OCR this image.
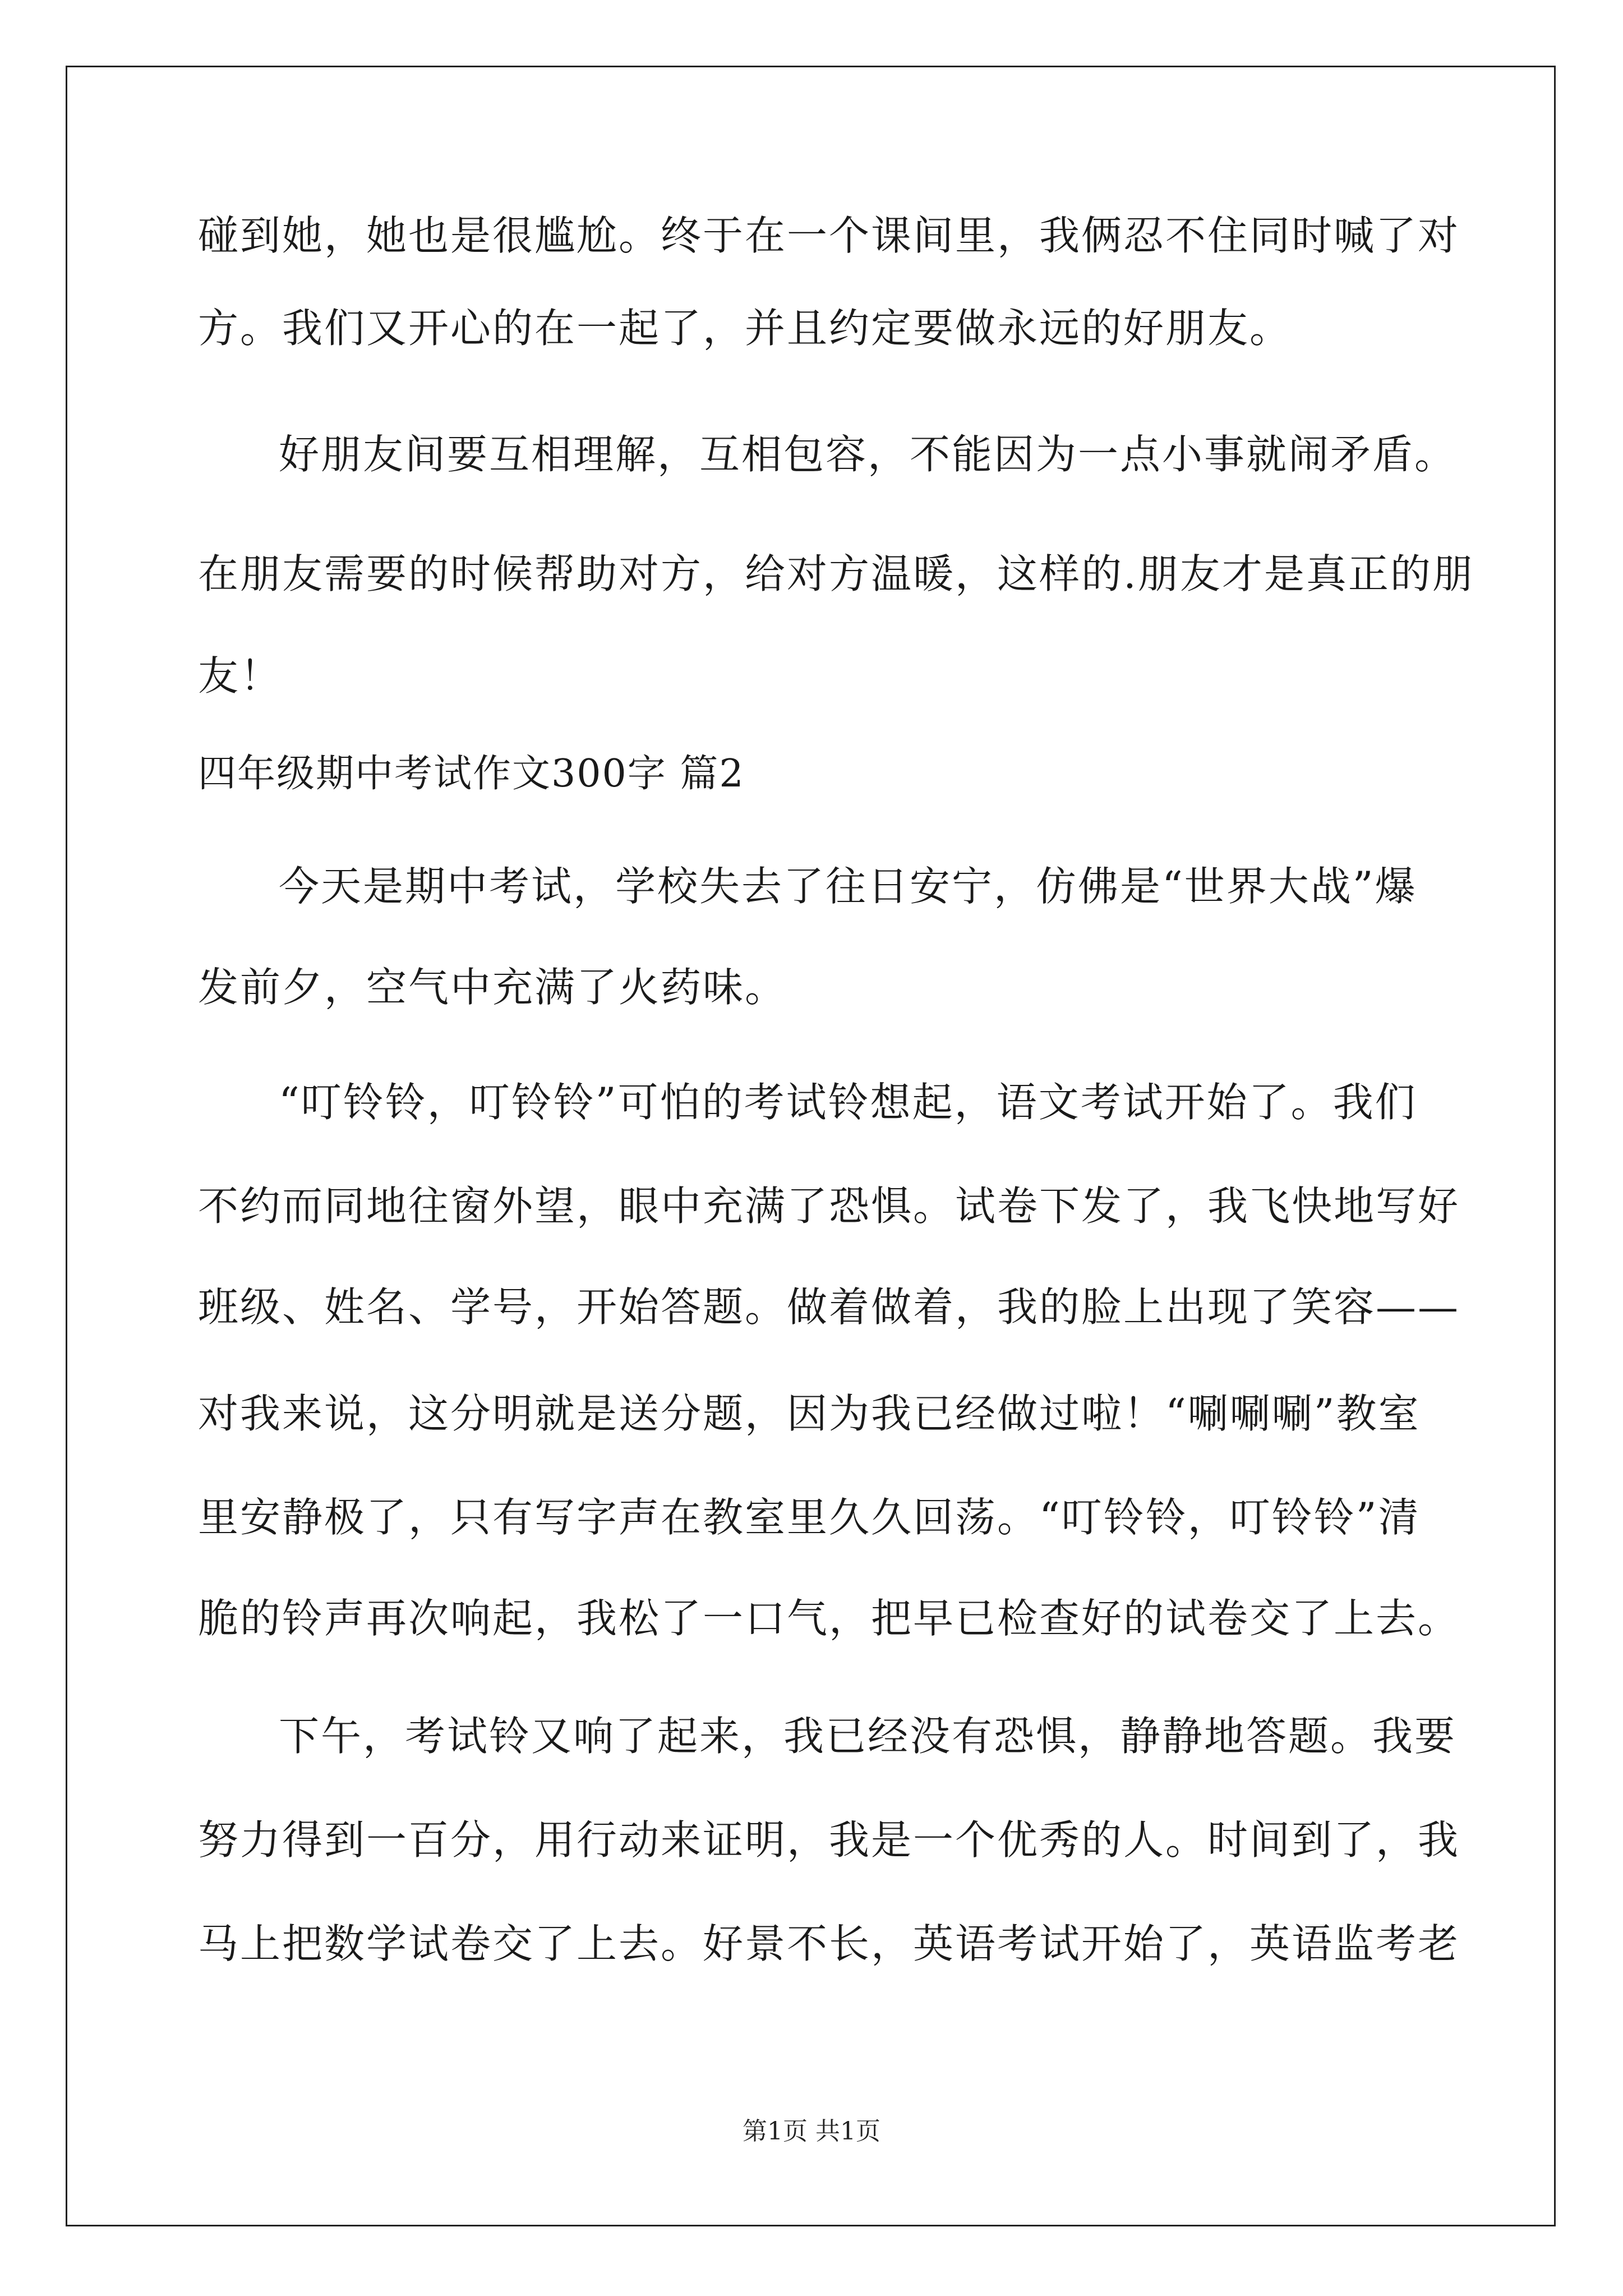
碰到她，她也是很尴尬。终于在一个课间里，我俩忍不住同时喊了对
方。我们又开心的在一起了，并且约定要做永远的好朋友。
好朋友间要互相理解，互相包容，不能因为一点小事就闹矛盾。
在朋友需要的时候帮助对方，给对方温暖，这样的.朋友才是真正的朋
友！
四年级期中考试作文300字 篇2
今天是期中考试，学校失去了往日安宁，仿佛是“世界大战”爆
发前夕，空气中充满了火药味。
“叮铃铃，叮铃铃”可怕的考试铃想起，语文考试开始了。我们
不约而同地往窗外望，眼中充满了恐惧。试卷下发了，我飞快地写好
班级、姓名、学号，开始答题。做着做着，我的脸上出现了笑容——
对我来说，这分明就是送分题，因为我已经做过啦！“唰唰唰”教室
里安静极了，只有写字声在教室里久久回荡。“叮铃铃，叮铃铃”清
脆的铃声再次响起，我松了一口气，把早已检查好的试卷交了上去。
下午，考试铃又响了起来，我已经没有恐惧，静静地答题。我要
努力得到一百分，用行动来证明，我是一个优秀的人。时间到了，我
马上把数学试卷交了上去。好景不长，英语考试开始了，英语监考老
第1页 共1页
